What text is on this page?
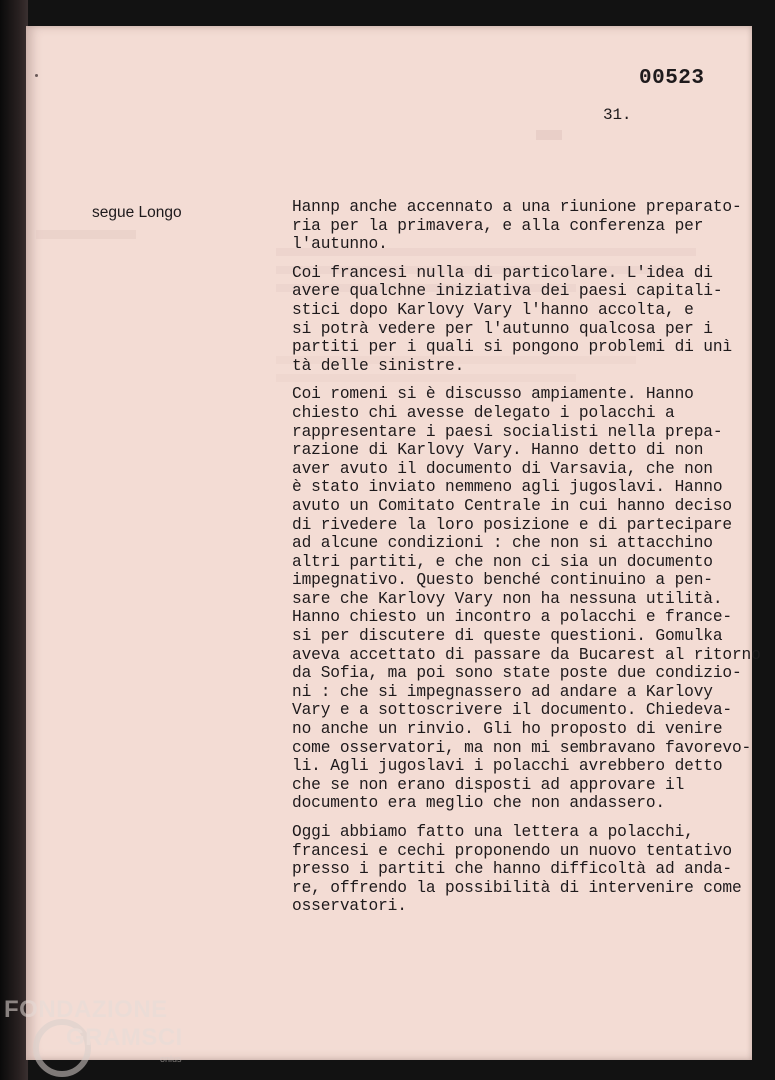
00523
31.
segue Longo	Hannp anche accennato a una riunione preparato-
ria per la primavera, e alla conferenza per
l'autunno.

Coi francesi nulla di particolare. L'idea di
avere qualchne iniziativa dei paesi capitali-
stici dopo Karlovy Vary l'hanno accolta, e
si potrà vedere per l'autunno qualcosa per i
partiti per i quali si pongono problemi di unì
tà delle sinistre.

Coi romeni si è discusso ampiamente. Hanno
chiesto chi avesse delegato i polacchi a
rappresentare i paesi socialisti nella prepa-
razione di Karlovy Vary. Hanno detto di non
aver avuto il documento di Varsavia, che non
è stato inviato nemmeno agli jugoslavi. Hanno
avuto un Comitato Centrale in cui hanno deciso
di rivedere la loro posizione e di partecipare
ad alcune condizioni : che non si attacchino
altri partiti, e che non ci sia un documento
impegnativo. Questo benché continuino a pen-
sare che Karlovy Vary non ha nessuna utilità.
Hanno chiesto un incontro a polacchi e france-
si per discutere di queste questioni. Gomulka
aveva accettato di passare da Bucarest al ritorno
da Sofia, ma poi sono state poste due condizio-
ni : che si impegnassero ad andare a Karlovy
Vary e a sottoscrivere il documento. Chiedeva-
no anche un rinvio. Gli ho proposto di venire
come osservatori, ma non mi sembravano favorevo-
li. Agli jugoslavi i polacchi avrebbero detto
che se non erano disposti ad approvare il
documento era meglio che non andassero.

Oggi abbiamo fatto una lettera a polacchi,
francesi e cechi proponendo un nuovo tentativo
presso i partiti che hanno difficoltà ad anda-
re, offrendo la possibilità di intervenire come
osservatori.

FONDAZIONE
GRAMSCI
onlus
